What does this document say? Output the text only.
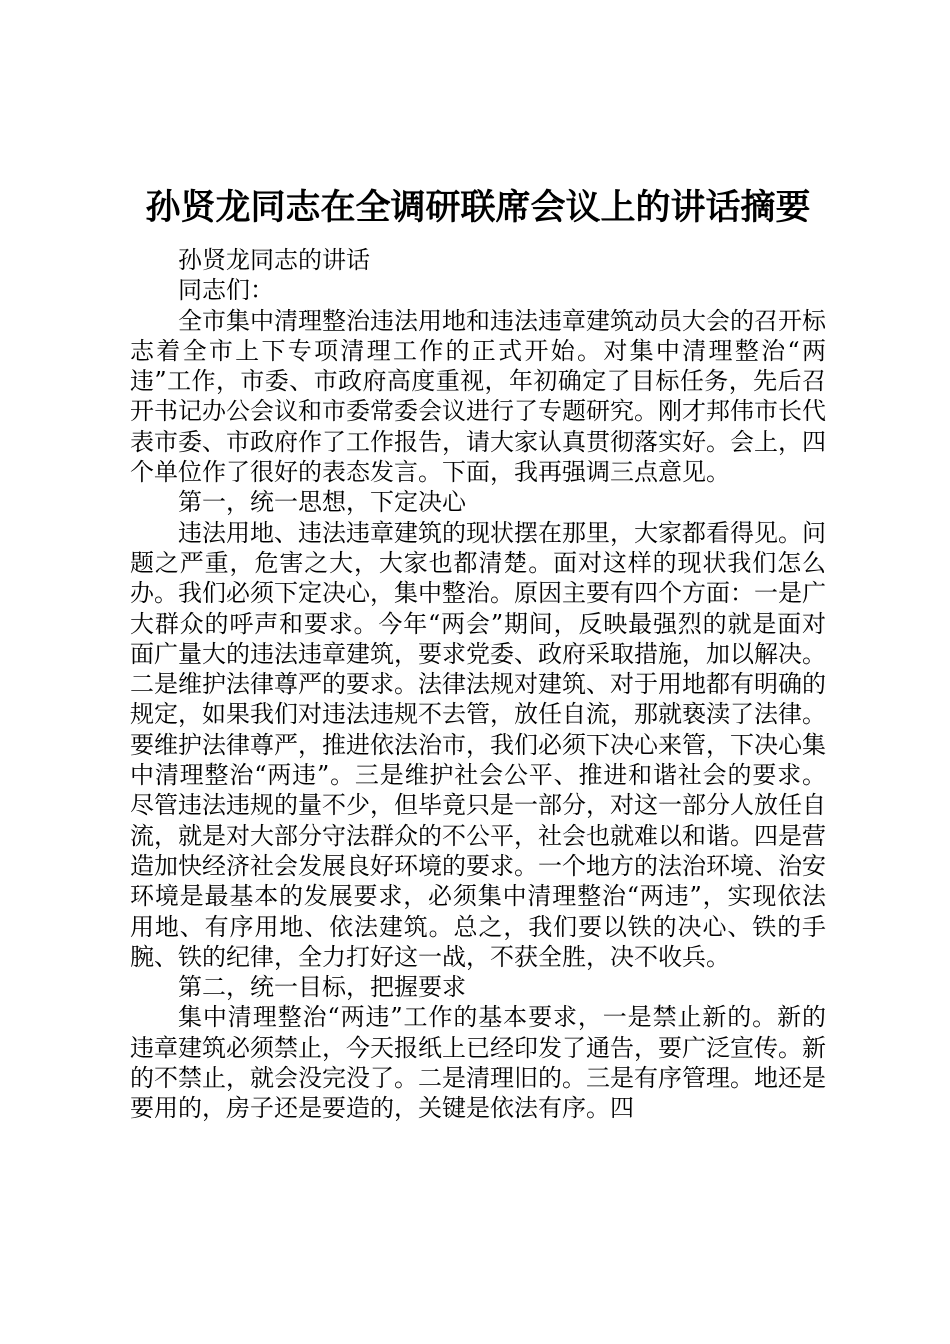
孙贤龙同志在全调研联席会议上的讲话摘要

孙贤龙同志的讲话

同志们：

全市集中清理整治违法用地和违法违章建筑动员大会的召开标志着全市上下专项清理工作的正式开始。对集中清理整治“两违”工作，市委、市政府高度重视，年初确定了目标任务，先后召开书记办公会议和市委常委会议进行了专题研究。刚才邦伟市长代表市委、市政府作了工作报告，请大家认真贯彻落实好。会上，四个单位作了很好的表态发言。下面，我再强调三点意见。

第一，统一思想，下定决心

违法用地、违法违章建筑的现状摆在那里，大家都看得见。问题之严重，危害之大，大家也都清楚。面对这样的现状我们怎么办。我们必须下定决心，集中整治。原因主要有四个方面：一是广大群众的呼声和要求。今年“两会”期间，反映最强烈的就是面对面广量大的违法违章建筑，要求党委、政府采取措施，加以解决。二是维护法律尊严的要求。法律法规对建筑、对于用地都有明确的规定，如果我们对违法违规不去管，放任自流，那就亵渎了法律。要维护法律尊严，推进依法治市，我们必须下决心来管，下决心集中清理整治“两违”。三是维护社会公平、推进和谐社会的要求。尽管违法违规的量不少，但毕竟只是一部分，对这一部分人放任自流，就是对大部分守法群众的不公平，社会也就难以和谐。四是营造加快经济社会发展良好环境的要求。一个地方的法治环境、治安环境是最基本的发展要求，必须集中清理整治“两违”，实现依法用地、有序用地、依法建筑。总之，我们要以铁的决心、铁的手腕、铁的纪律，全力打好这一战，不获全胜，决不收兵。

第二，统一目标，把握要求

集中清理整治“两违”工作的基本要求，一是禁止新的。新的违章建筑必须禁止，今天报纸上已经印发了通告，要广泛宣传。新的不禁止，就会没完没了。二是清理旧的。三是有序管理。地还是要用的，房子还是要造的，关键是依法有序。四
